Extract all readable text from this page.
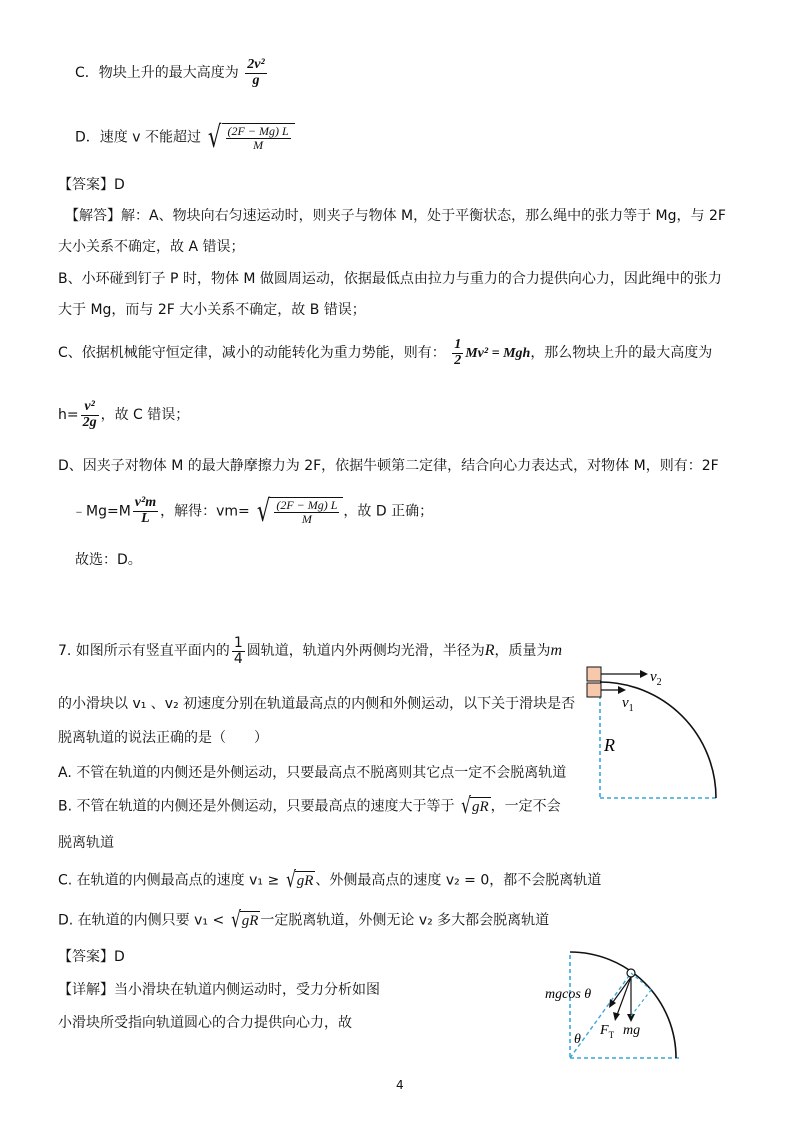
C．物块上升的最大高度为 $\frac{\text{2v²}}{g}$
D．速度 v 不能超过 √ $\frac{(2F - Mg) L}{M}$
【答案】D
【解答】解：A、物块向右匀速运动时，则夹子与物体 M，处于平衡状态，那么绳中的张力等于 Mg，与 2F
大小关系不确定，故 A 错误；
B、小环碰到钉子 P 时，物体 M 做圆周运动，依据最低点由拉力与重力的合力提供向心力，因此绳中的张力
大于 Mg，而与 2F 大小关系不确定，故 B 错误；
C、依据机械能守恒定律，减小的动能转化为重力势能，则有： $\frac{1}{2} Mv^2$ = Mgh，那么物块上升的最大高度为
$h= \frac{\text{v²}}{2g}$ ，故 C 错误；
D、因夹子对物体 M 的最大静摩擦力为 2F，依据牛顿第二定律，结合向心力表达式，对物体 M，则有：2F
﹣Mg=M $\frac{\text{v²m}}{L}$ ，解得：vm= √ $\frac{(2F - Mg) L}{M}$ ，故 D 正确；
故选：D。
7. 如图所示有竖直平面内的 $\frac{1}{4}$ 圆轨道，轨道内外两侧均光滑，半径为R，质量为m
的小滑块以 v₁ 、v₂ 初速度分别在轨道最高点的内侧和外侧运动，以下关于滑块是否
脱离轨道的说法正确的是（　　）
A. 不管在轨道的内侧还是外侧运动，只要最高点不脱离则其它点一定不会脱离轨道
B. 不管在轨道的内侧还是外侧运动，只要最高点的速度大于等于 √gR ，一定不会
脱离轨道
C. 在轨道的内侧最高点的速度 v₁ ≥ √gR 、外侧最高点的速度 v₂ = 0，都不会脱离轨道
D. 在轨道的内侧只要 v₁ < √gR 一定脱离轨道，外侧无论 v₂ 多大都会脱离轨道
【答案】D
【详解】当小滑块在轨道内侧运动时，受力分析如图
小滑块所受指向轨道圆心的合力提供向心力，故
$v_2$
$v_1$
R
mgcos θ
$F_T$ mg
θ
4
